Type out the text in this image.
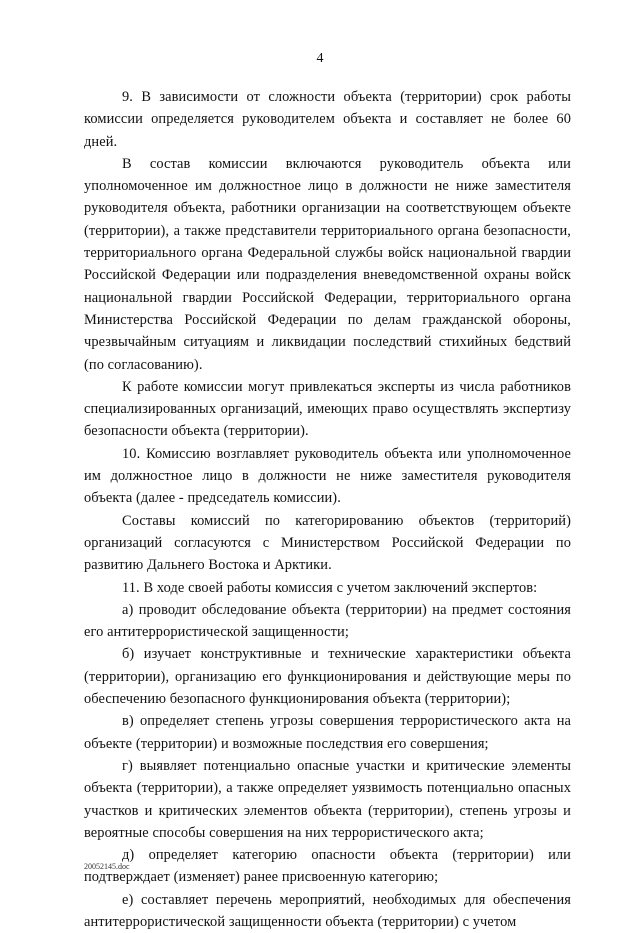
4

9. В зависимости от сложности объекта (территории) срок работы комиссии определяется руководителем объекта и составляет не более 60 дней.

В состав комиссии включаются руководитель объекта или уполномоченное им должностное лицо в должности не ниже заместителя руководителя объекта, работники организации на соответствующем объекте (территории), а также представители территориального органа безопасности, территориального органа Федеральной службы войск национальной гвардии Российской Федерации или подразделения вневедомственной охраны войск национальной гвардии Российской Федерации, территориального органа Министерства Российской Федерации по делам гражданской обороны, чрезвычайным ситуациям и ликвидации последствий стихийных бедствий (по согласованию).

К работе комиссии могут привлекаться эксперты из числа работников специализированных организаций, имеющих право осуществлять экспертизу безопасности объекта (территории).

10. Комиссию возглавляет руководитель объекта или уполномоченное им должностное лицо в должности не ниже заместителя руководителя объекта (далее - председатель комиссии).

Составы комиссий по категорированию объектов (территорий) организаций согласуются с Министерством Российской Федерации по развитию Дальнего Востока и Арктики.

11. В ходе своей работы комиссия с учетом заключений экспертов:

а) проводит обследование объекта (территории) на предмет состояния его антитеррористической защищенности;

б) изучает конструктивные и технические характеристики объекта (территории), организацию его функционирования и действующие меры по обеспечению безопасного функционирования объекта (территории);

в) определяет степень угрозы совершения террористического акта на объекте (территории) и возможные последствия его совершения;

г) выявляет потенциально опасные участки и критические элементы объекта (территории), а также определяет уязвимость потенциально опасных участков и критических элементов объекта (территории), степень угрозы и вероятные способы совершения на них террористического акта;

д) определяет категорию опасности объекта (территории) или подтверждает (изменяет) ранее присвоенную категорию;

е) составляет перечень мероприятий, необходимых для обеспечения антитеррористической защищенности объекта (территории) с учетом

20052145.doc
